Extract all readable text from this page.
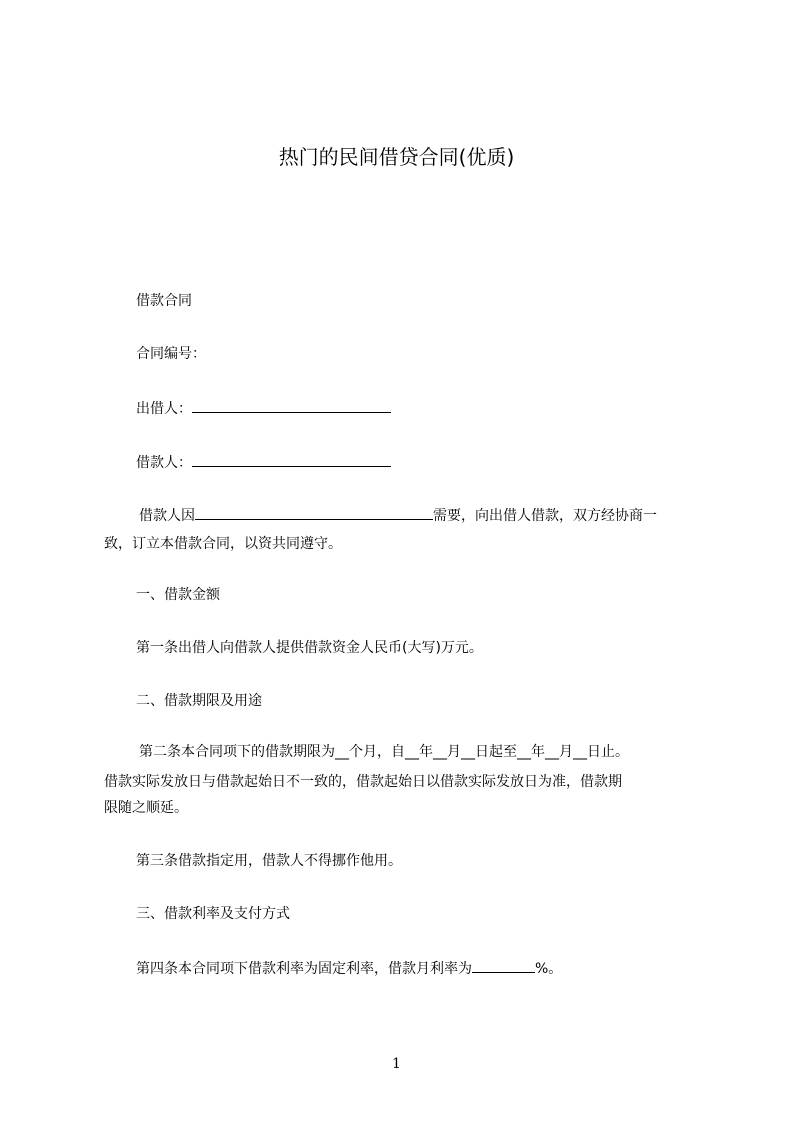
热门的民间借贷合同(优质)
借款合同
合同编号：
出借人：
借款人：
借款人因	需要，向出借人借款，双方经协商一
致，订立本借款合同，以资共同遵守。
一、借款金额
第一条出借人向借款人提供借款资金人民币(大写)万元。
二、借款期限及用途
第二条本合同项下的借款期限为__个月，自__年__月__日起至__年__月__日止。
借款实际发放日与借款起始日不一致的，借款起始日以借款实际发放日为准，借款期
限随之顺延。
第三条借款指定用，借款人不得挪作他用。
三、借款利率及支付方式
第四条本合同项下借款利率为固定利率，借款月利率为	%。
1
